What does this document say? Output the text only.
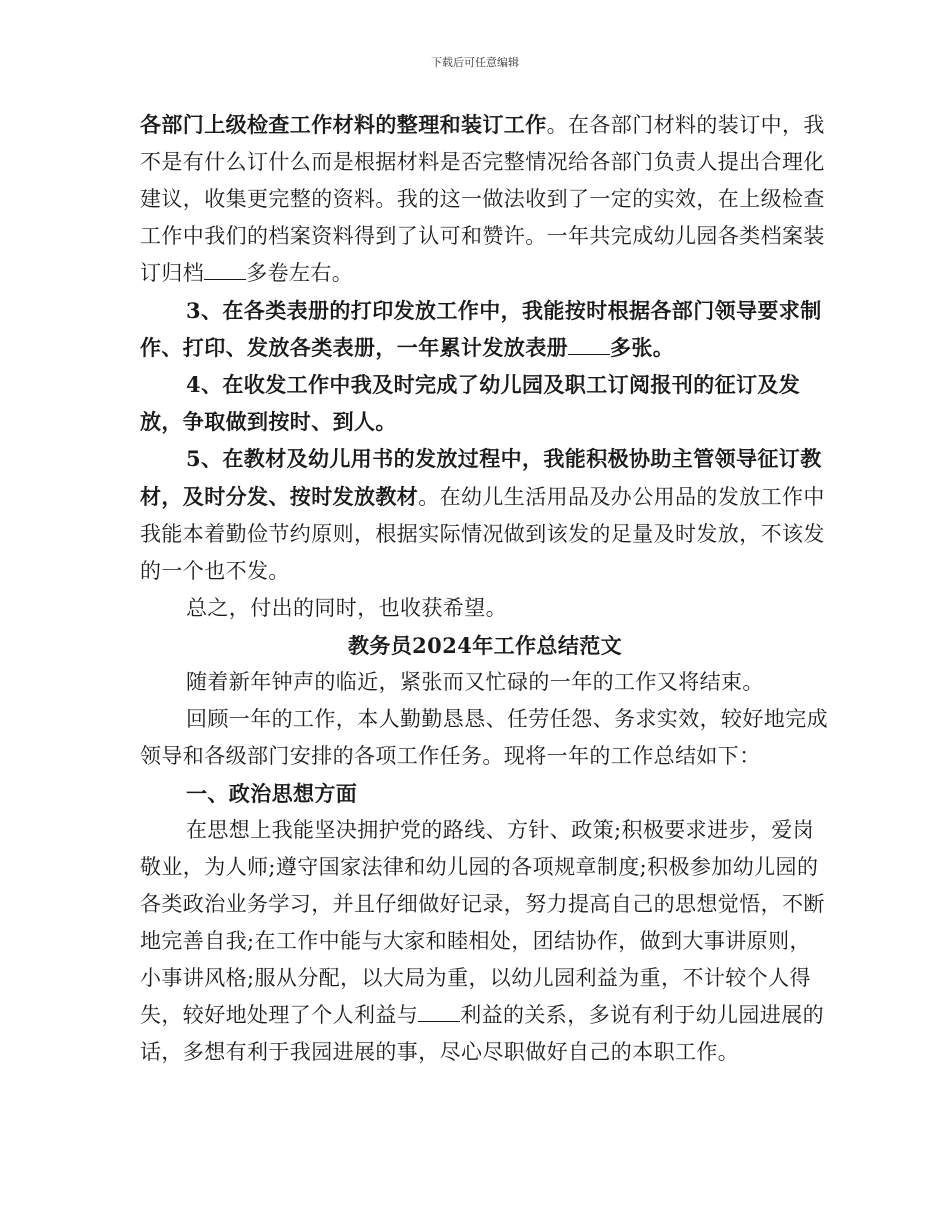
下载后可任意编辑

各部门上级检查工作材料的整理和装订工作。在各部门材料的装订中，我不是有什么订什么而是根据材料是否完整情况给各部门负责人提出合理化建议，收集更完整的资料。我的这一做法收到了一定的实效，在上级检查工作中我们的档案资料得到了认可和赞许。一年共完成幼儿园各类档案装订归档 多卷左右。

3、在各类表册的打印发放工作中，我能按时根据各部门领导要求制作、打印、发放各类表册，一年累计发放表册 多张。

4、在收发工作中我及时完成了幼儿园及职工订阅报刊的征订及发放，争取做到按时、到人。

5、在教材及幼儿用书的发放过程中，我能积极协助主管领导征订教材，及时分发、按时发放教材。在幼儿生活用品及办公用品的发放工作中我能本着勤俭节约原则，根据实际情况做到该发的足量及时发放，不该发的一个也不发。

总之，付出的同时，也收获希望。

教务员2024年工作总结范文

随着新年钟声的临近，紧张而又忙碌的一年的工作又将结束。

回顾一年的工作，本人勤勤恳恳、任劳任怨、务求实效，较好地完成领导和各级部门安排的各项工作任务。现将一年的工作总结如下：

一、政治思想方面

在思想上我能坚决拥护党的路线、方针、政策;积极要求进步，爱岗敬业，为人师;遵守国家法律和幼儿园的各项规章制度;积极参加幼儿园的各类政治业务学习，并且仔细做好记录，努力提高自己的思想觉悟，不断地完善自我;在工作中能与大家和睦相处，团结协作，做到大事讲原则，小事讲风格;服从分配，以大局为重，以幼儿园利益为重，不计较个人得失，较好地处理了个人利益与 利益的关系，多说有利于幼儿园进展的话，多想有利于我园进展的事，尽心尽职做好自己的本职工作。
